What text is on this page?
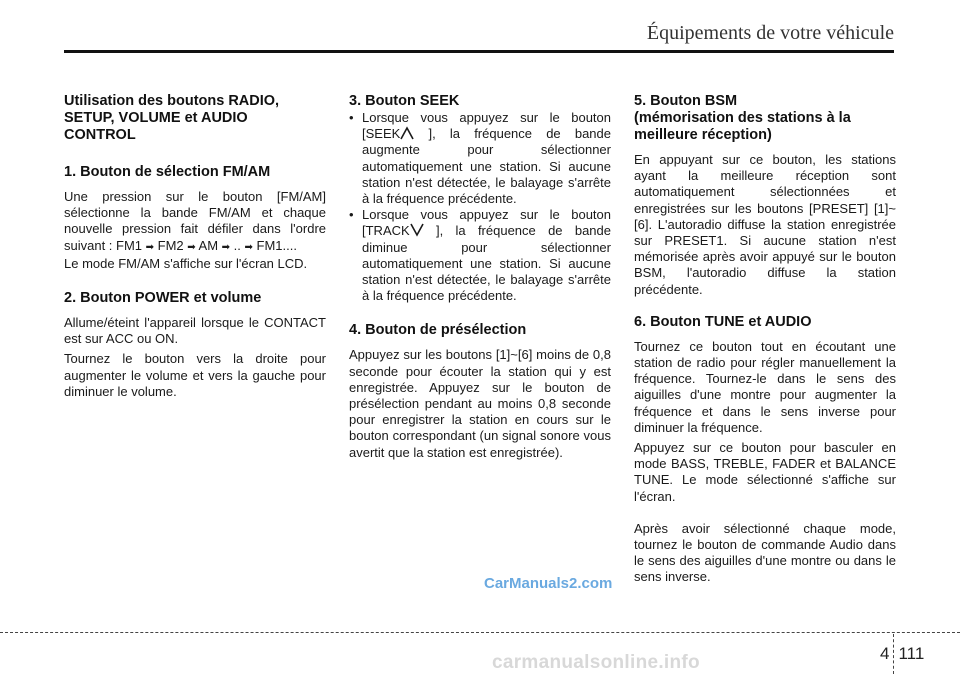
Équipements de votre véhicule
Utilisation des boutons RADIO,
SETUP, VOLUME et AUDIO
CONTROL
1. Bouton de sélection FM/AM

Une pression sur le bouton [FM/AM] sélectionne la bande FM/AM et chaque nouvelle pression fait défiler dans l'ordre suivant : FM1 ➡ FM2 ➡ AM ➡ .. ➡ FM1....

Le mode FM/AM s'affiche sur l'écran LCD.

2. Bouton POWER et volume

Allume/éteint l'appareil lorsque le CONTACT est sur ACC ou ON.

Tournez le bouton vers la droite pour augmenter le volume et vers la gauche pour diminuer le volume.

3. Bouton SEEK
• Lorsque vous appuyez sur le bouton [SEEK ], la fréquence de bande augmente pour sélectionner automatiquement une station. Si aucune station n'est détectée, le balayage s'arrête à la fréquence précédente.

• Lorsque vous appuyez sur le bouton [TRACK ], la fréquence de bande diminue pour sélectionner automatiquement une station. Si aucune station n'est détectée, le balayage s'arrête à la fréquence précédente.

4. Bouton de présélection

Appuyez sur les boutons [1]~[6] moins de 0,8 seconde pour écouter la station qui y est enregistrée. Appuyez sur le bouton de présélection pendant au moins 0,8 seconde pour enregistrer la station en cours sur le bouton correspondant (un signal sonore vous avertit que la station est enregistrée).

5. Bouton BSM
(mémorisation des stations à la
meilleure réception)

En appuyant sur ce bouton, les stations ayant la meilleure réception sont automatiquement sélectionnées et enregistrées sur les boutons [PRESET] [1]~[6]. L'autoradio diffuse la station enregistrée sur PRESET1. Si aucune station n'est mémorisée après avoir appuyé sur le bouton BSM, l'autoradio diffuse la station précédente.

6. Bouton TUNE et AUDIO

Tournez ce bouton tout en écoutant une station de radio pour régler manuellement la fréquence. Tournez-le dans le sens des aiguilles d'une montre pour augmenter la fréquence et dans le sens inverse pour diminuer la fréquence.

Appuyez sur ce bouton pour basculer en mode BASS, TREBLE, FADER et BALANCE TUNE. Le mode sélectionné s'affiche sur l'écran.

Après avoir sélectionné chaque mode, tournez le bouton de commande Audio dans le sens des aiguilles d'une montre ou dans le sens inverse.

CarManuals2.com
4 111
carmanualsonline.info
